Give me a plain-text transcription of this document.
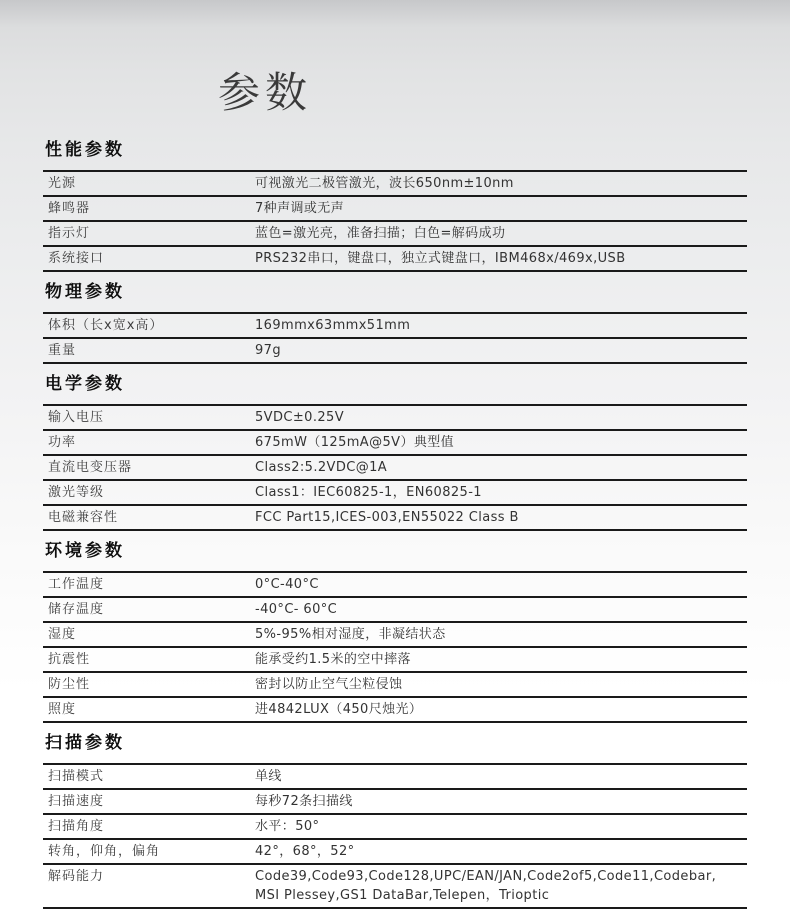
参数
性能参数
光源	可视激光二极管激光，波长650nm±10nm
蜂鸣器	7种声调或无声
指示灯	蓝色=激光亮，准备扫描；白色=解码成功
系统接口	PRS232串口，键盘口，独立式键盘口，IBM468x/469x,USB
物理参数
体积（长x宽x高）	169mmx63mmx51mm
重量	97g
电学参数
输入电压	5VDC±0.25V
功率	675mW（125mA@5V）典型值
直流电变压器	Class2:5.2VDC@1A
激光等级	Class1：IEC60825-1，EN60825-1
电磁兼容性	FCC Part15,ICES-003,EN55022 Class B
环境参数
工作温度	0°C-40°C
储存温度	-40°C- 60°C
湿度	5%-95%相对湿度，非凝结状态
抗震性	能承受约1.5米的空中摔落
防尘性	密封以防止空气尘粒侵蚀
照度	进4842LUX（450尺烛光）
扫描参数
扫描模式	单线
扫描速度	每秒72条扫描线
扫描角度	水平：50°
转角，仰角，偏角	42°，68°，52°
解码能力	Code39,Code93,Code128,UPC/EAN/JAN,Code2of5,Code11,Codebar,
MSI Plessey,GS1 DataBar,Telepen，Trioptic
